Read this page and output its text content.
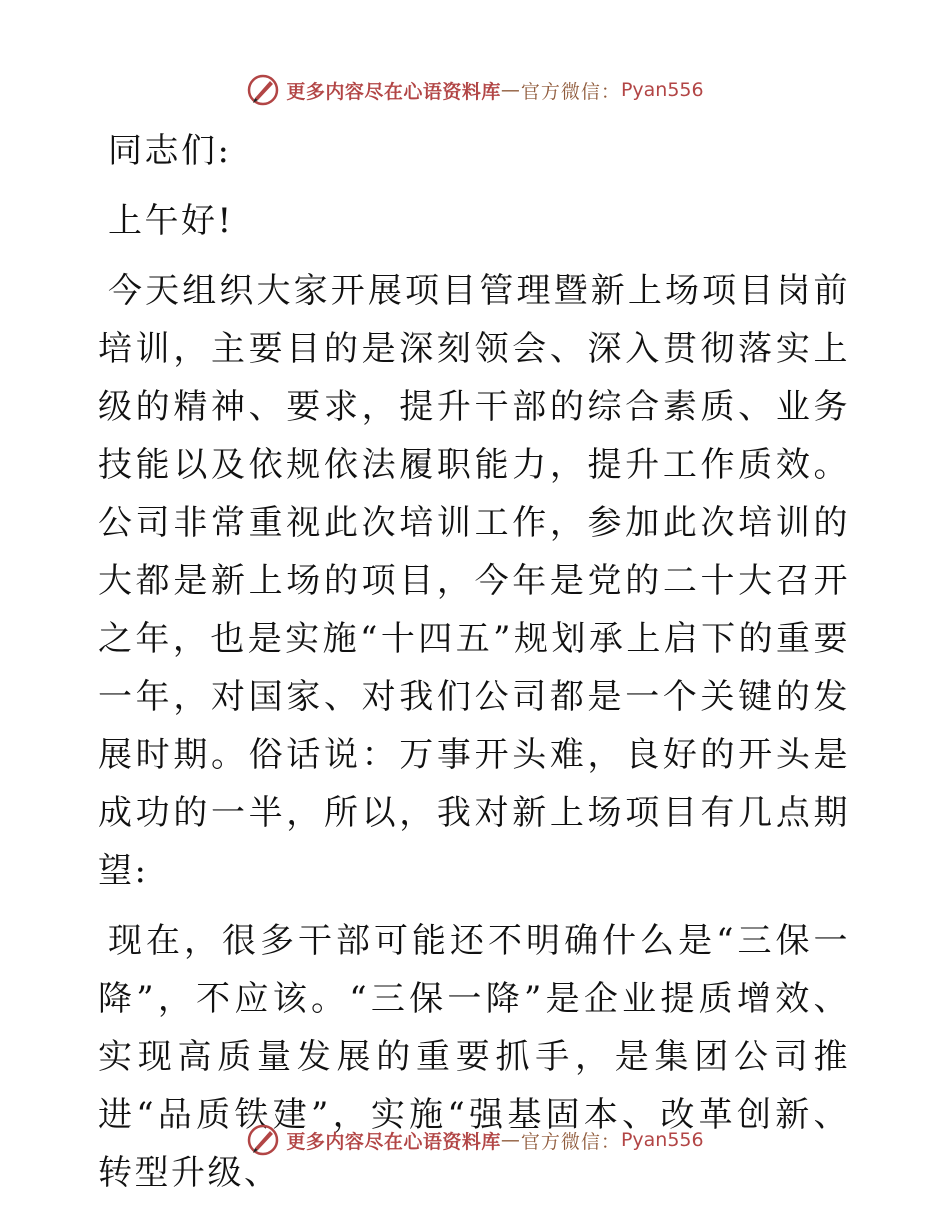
更多内容尽在心语资料库 — 官方微信： Pyan556

同志们:

上午好!

今天组织大家开展项目管理暨新上场项目岗前培训，主要目的是深刻领会、深入贯彻落实上级的精神、要求，提升干部的综合素质、业务技能以及依规依法履职能力，提升工作质效。公司非常重视此次培训工作，参加此次培训的大都是新上场的项目，今年是党的二十大召开之年，也是实施“十四五”规划承上启下的重要一年，对国家、对我们公司都是一个关键的发展时期。俗话说：万事开头难，良好的开头是成功的一半，所以，我对新上场项目有几点期望:

现在，很多干部可能还不明确什么是“三保一降”，不应该。“三保一降”是企业提质增效、实现高质量发展的重要抓手，是集团公司推进“品质铁建”，实施“强基固本、改革创新、转型升级、

更多内容尽在心语资料库 — 官方微信： Pyan556
